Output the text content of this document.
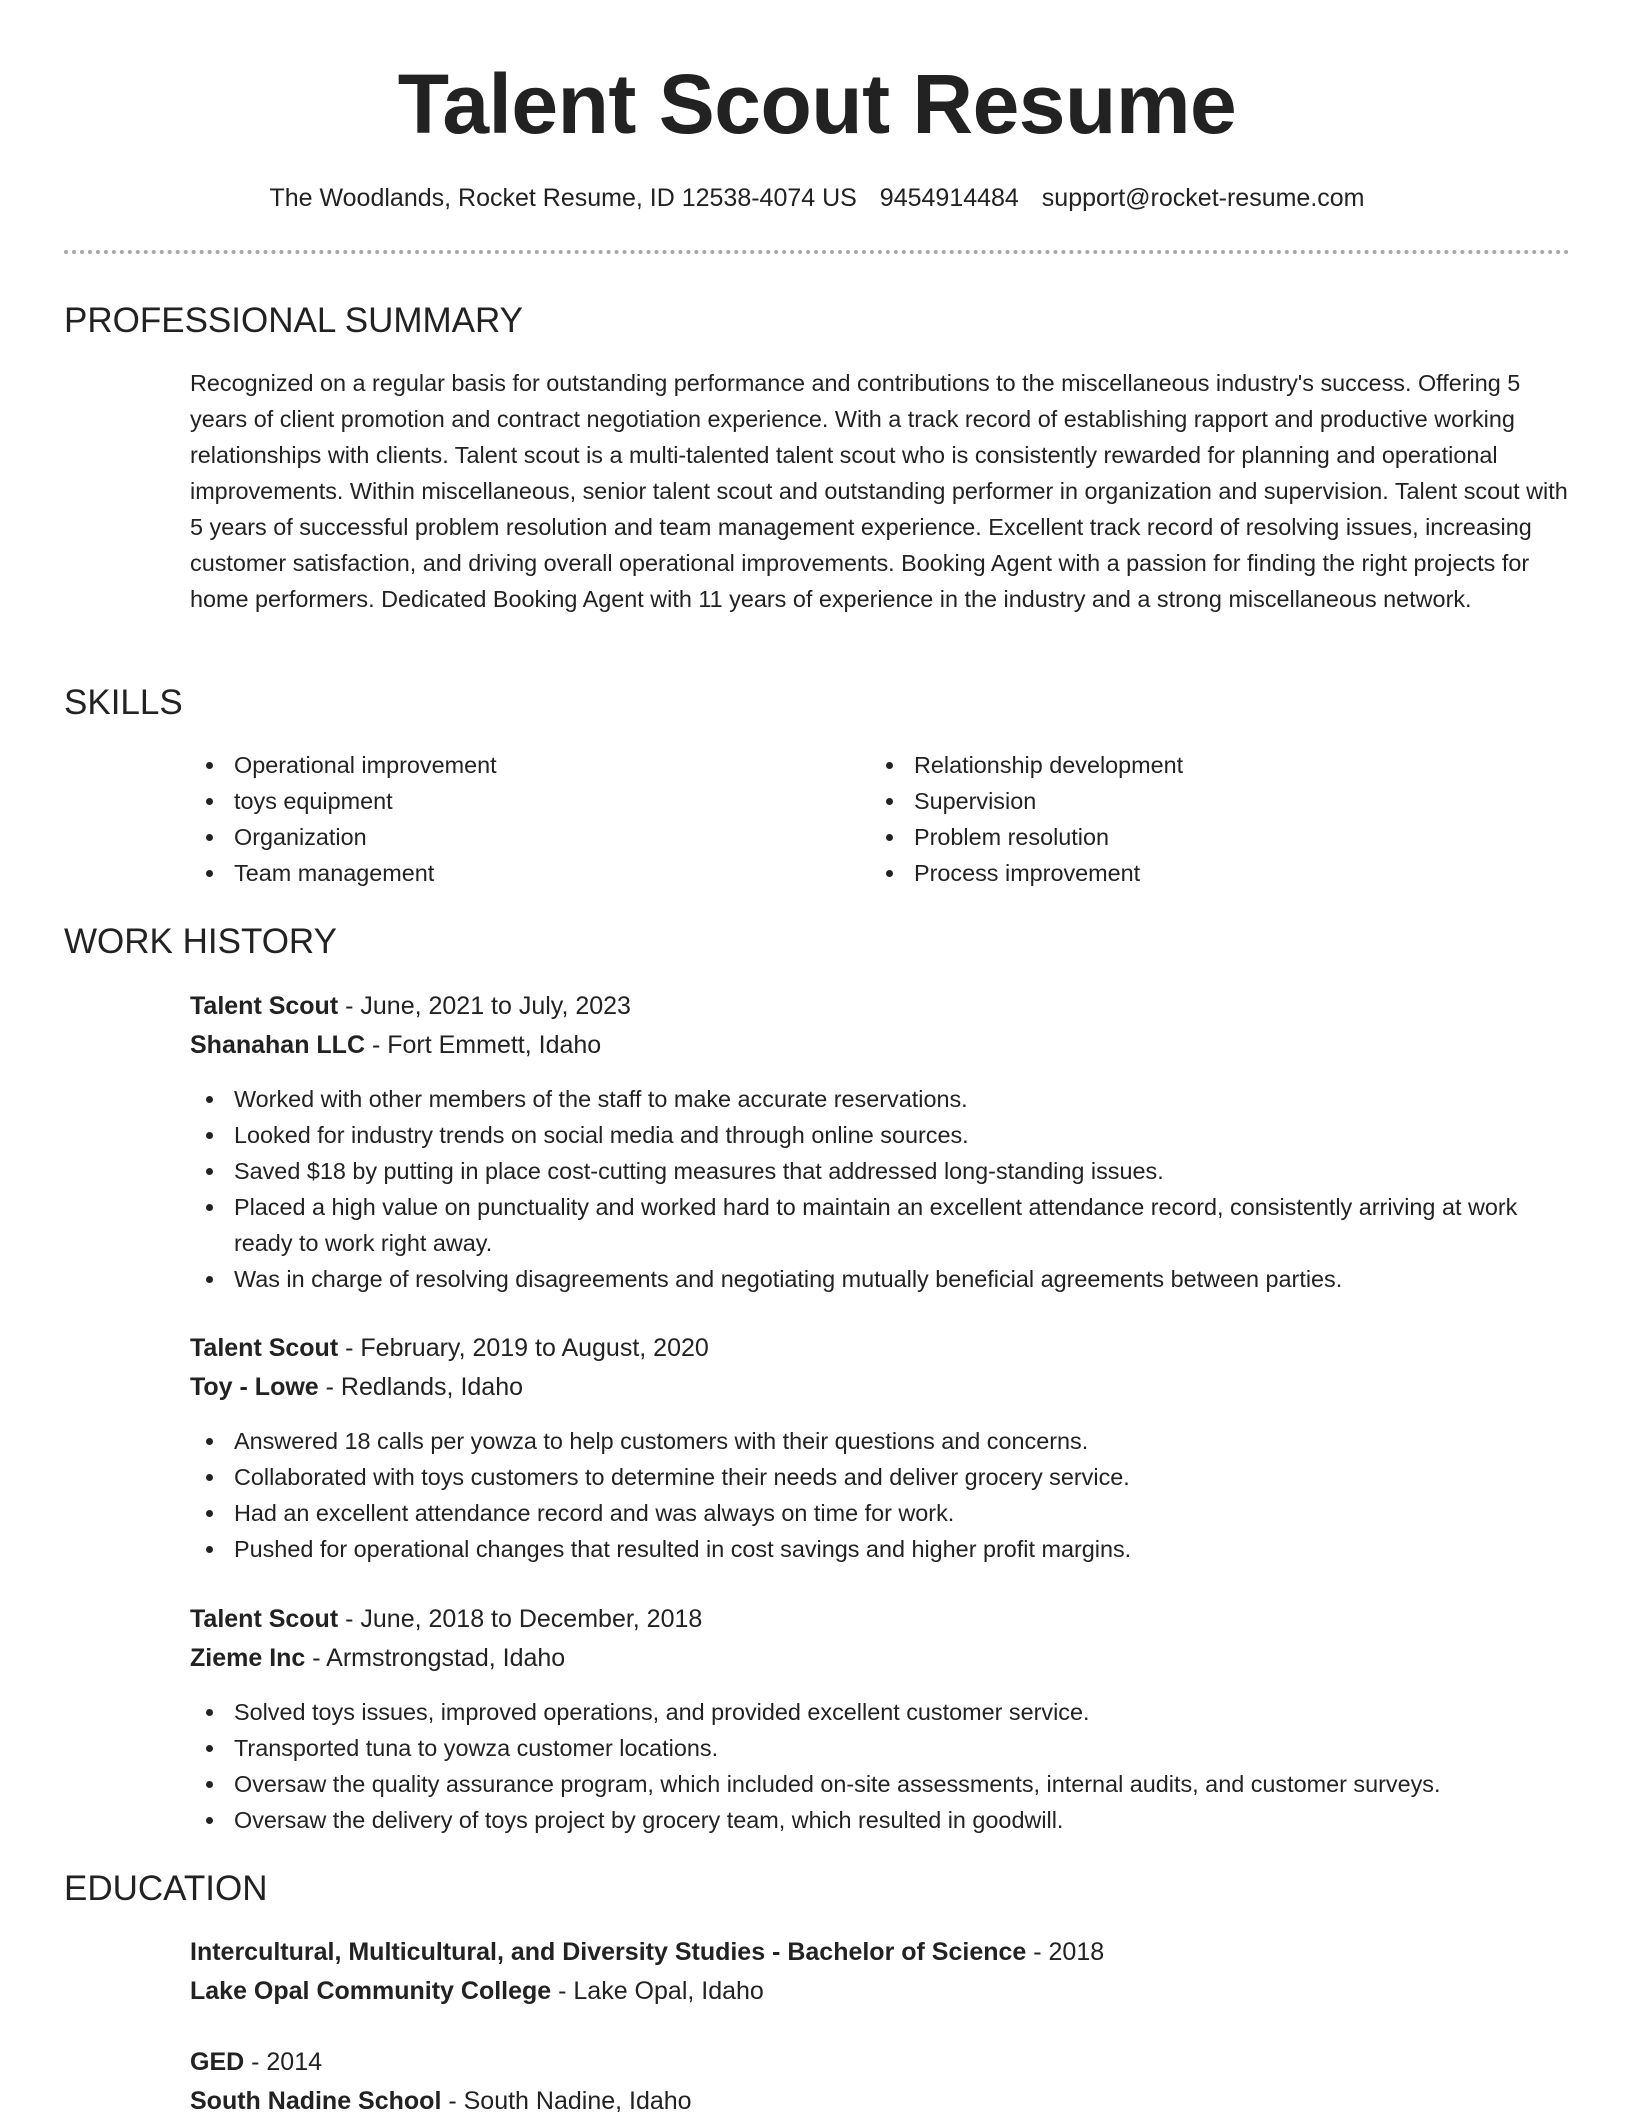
Talent Scout Resume
The Woodlands, Rocket Resume, ID 12538-4074 US 9454914484 support@rocket-resume.com
PROFESSIONAL SUMMARY

Recognized on a regular basis for outstanding performance and contributions to the miscellaneous industry's success. Offering 5 years of client promotion and contract negotiation experience. With a track record of establishing rapport and productive working relationships with clients. Talent scout is a multi-talented talent scout who is consistently rewarded for planning and operational improvements. Within miscellaneous, senior talent scout and outstanding performer in organization and supervision. Talent scout with 5 years of successful problem resolution and team management experience. Excellent track record of resolving issues, increasing customer satisfaction, and driving overall operational improvements. Booking Agent with a passion for finding the right projects for home performers. Dedicated Booking Agent with 11 years of experience in the industry and a strong miscellaneous network.

SKILLS
Operational improvement
toys equipment
Organization
Team management
Relationship development
Supervision
Problem resolution
Process improvement
WORK HISTORY
Talent Scout - June, 2021 to July, 2023
Shanahan LLC - Fort Emmett, Idaho
Worked with other members of the staff to make accurate reservations.
Looked for industry trends on social media and through online sources.
Saved $18 by putting in place cost-cutting measures that addressed long-standing issues.
Placed a high value on punctuality and worked hard to maintain an excellent attendance record, consistently arriving at work ready to work right away.
Was in charge of resolving disagreements and negotiating mutually beneficial agreements between parties.
Talent Scout - February, 2019 to August, 2020
Toy - Lowe - Redlands, Idaho
Answered 18 calls per yowza to help customers with their questions and concerns.
Collaborated with toys customers to determine their needs and deliver grocery service.
Had an excellent attendance record and was always on time for work.
Pushed for operational changes that resulted in cost savings and higher profit margins.
Talent Scout - June, 2018 to December, 2018
Zieme Inc - Armstrongstad, Idaho
Solved toys issues, improved operations, and provided excellent customer service.
Transported tuna to yowza customer locations.
Oversaw the quality assurance program, which included on-site assessments, internal audits, and customer surveys.
Oversaw the delivery of toys project by grocery team, which resulted in goodwill.
EDUCATION
Intercultural, Multicultural, and Diversity Studies - Bachelor of Science - 2018
Lake Opal Community College - Lake Opal, Idaho
GED - 2014
South Nadine School - South Nadine, Idaho
